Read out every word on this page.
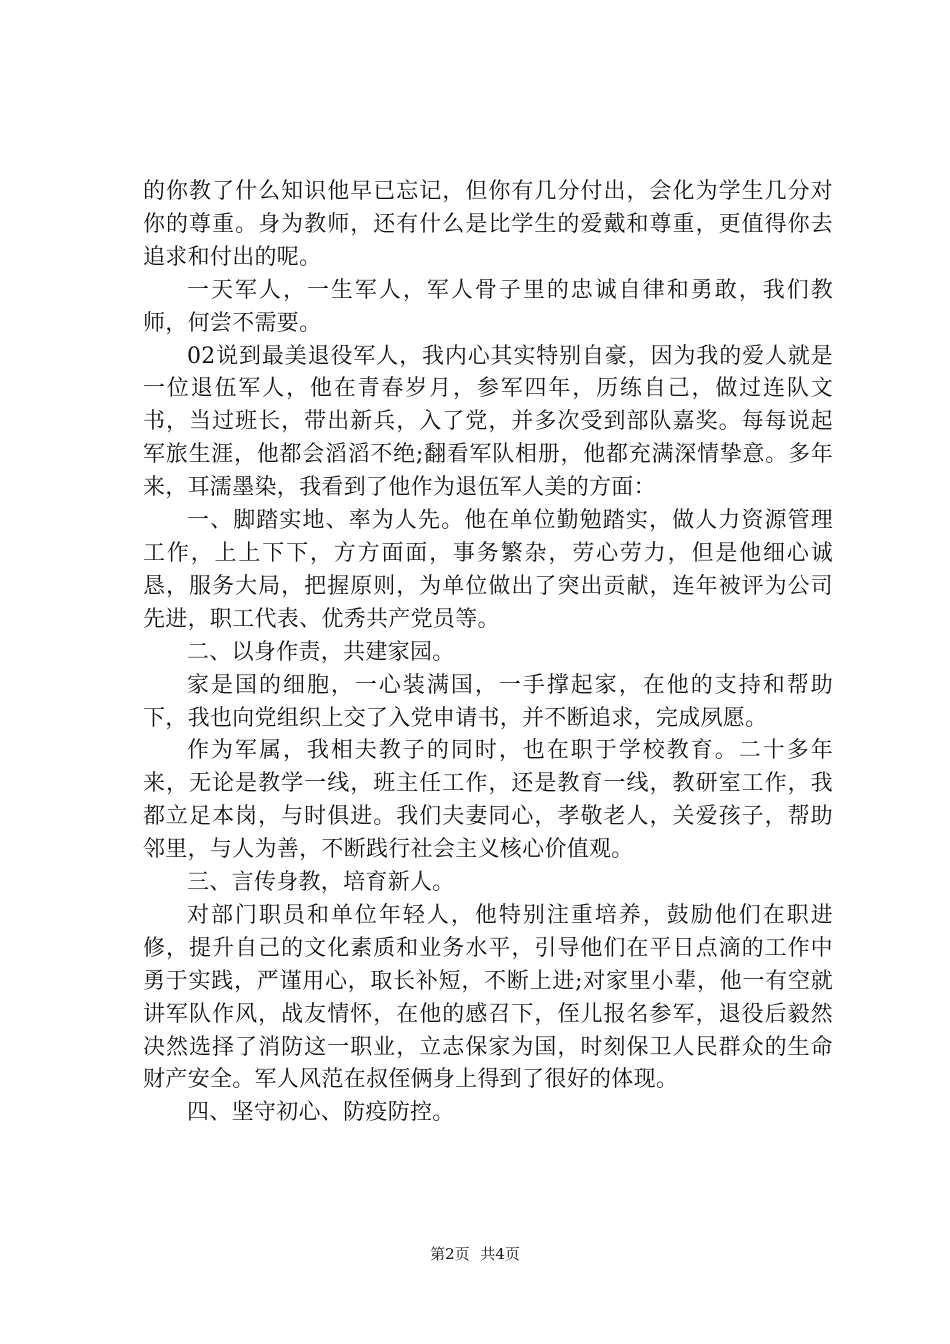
的你教了什么知识他早已忘记，但你有几分付出，会化为学生几分对你的尊重。身为教师，还有什么是比学生的爱戴和尊重，更值得你去追求和付出的呢。

一天军人，一生军人，军人骨子里的忠诚自律和勇敢，我们教师，何尝不需要。

02说到最美退役军人，我内心其实特别自豪，因为我的爱人就是一位退伍军人，他在青春岁月，参军四年，历练自己，做过连队文书，当过班长，带出新兵，入了党，并多次受到部队嘉奖。每每说起军旅生涯，他都会滔滔不绝;翻看军队相册，他都充满深情挚意。多年来，耳濡墨染，我看到了他作为退伍军人美的方面：

一、脚踏实地、率为人先。他在单位勤勉踏实，做人力资源管理工作，上上下下，方方面面，事务繁杂，劳心劳力，但是他细心诚恳，服务大局，把握原则，为单位做出了突出贡献，连年被评为公司先进，职工代表、优秀共产党员等。

二、以身作责，共建家园。

家是国的细胞，一心装满国，一手撑起家，在他的支持和帮助下，我也向党组织上交了入党申请书，并不断追求，完成夙愿。

作为军属，我相夫教子的同时，也在职于学校教育。二十多年来，无论是教学一线，班主任工作，还是教育一线，教研室工作，我都立足本岗，与时俱进。我们夫妻同心，孝敬老人，关爱孩子，帮助邻里，与人为善，不断践行社会主义核心价值观。

三、言传身教，培育新人。

对部门职员和单位年轻人，他特别注重培养，鼓励他们在职进修，提升自己的文化素质和业务水平，引导他们在平日点滴的工作中勇于实践，严谨用心，取长补短，不断上进;对家里小辈，他一有空就讲军队作风，战友情怀，在他的感召下，侄儿报名参军，退役后毅然决然选择了消防这一职业，立志保家为国，时刻保卫人民群众的生命财产安全。军人风范在叔侄俩身上得到了很好的体现。

四、坚守初心、防疫防控。

第2页 共4页
